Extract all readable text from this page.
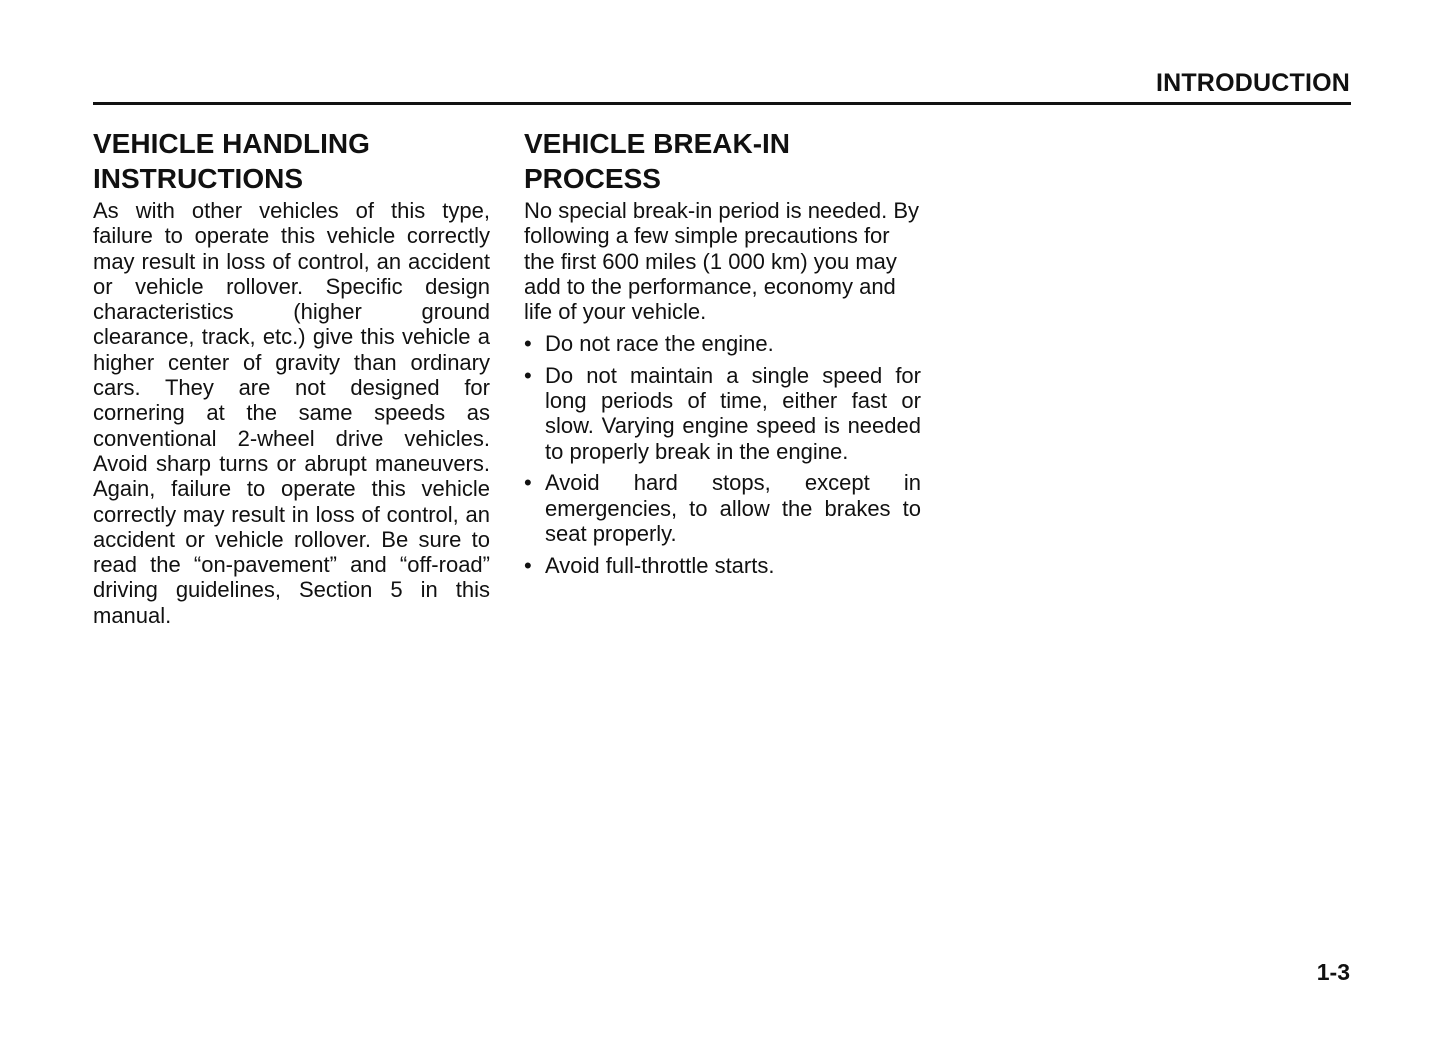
INTRODUCTION
VEHICLE HANDLING
INSTRUCTIONS

As with other vehicles of this type, failure to operate this vehicle correctly may result in loss of control, an accident or vehicle rollover. Specific design characteristics (higher ground clearance, track, etc.) give this vehicle a higher center of gravity than ordinary cars. They are not designed for cornering at the same speeds as conventional 2-wheel drive vehicles. Avoid sharp turns or abrupt maneuvers. Again, failure to operate this vehicle correctly may result in loss of control, an accident or vehicle rollover. Be sure to read the “on-pavement” and “off-road” driving guidelines, Section 5 in this manual.

VEHICLE BREAK-IN
PROCESS

No special break-in period is needed. By following a few simple precautions for the first 600 miles (1 000 km) you may add to the performance, economy and life of your vehicle.

• Do not race the engine.
• Do not maintain a single speed for long periods of time, either fast or slow. Varying engine speed is needed to properly break in the engine.
• Avoid hard stops, except in emergencies, to allow the brakes to seat properly.
• Avoid full-throttle starts.
1-3
